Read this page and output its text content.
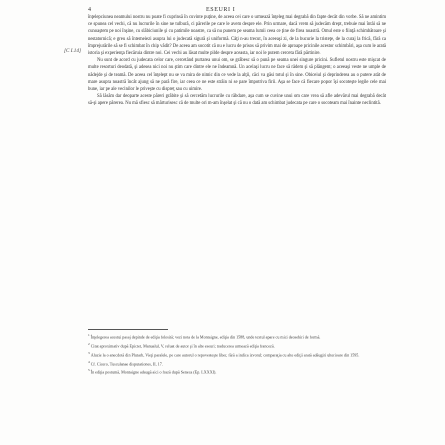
4	ESEURI I
[C I.14]

înţelepciunea neamului nostru nu poate fi cuprinsă în cuvinte puţine, de aceea cei care o urmează înţeleg mai degrabă din fapte decât din vorbe. Să ne amintim ce spunea cel vechi, că nu lucrurile în sine ne tulbură, ci părerile pe care le avem despre ele. Prin urmare, dacă vrem să judecăm drept, trebuie mai întâi să ne cunoaştem pe noi înşine, cu slăbiciunile şi cu patimile noastre, ca să nu punem pe seama lumii ceea ce ţine de firea noastră. Omul este o fiinţă schimbătoare şi nestatornică; e greu să întemeiezi asupra lui o judecată sigură şi uniformă. Câţi n-au trecut, în aceeaşi zi, de la bucurie la tristeţe, de la curaj la frică, fără ca împrejurările să se fi schimbat în chip vădit? De aceea am socotit că nu e lucru de prisos să privim mai de aproape pricinile acestor schimbări, aşa cum le arată istoria şi experienţa fiecăruia dintre noi. Cei vechi au lăsat multe pilde despre aceasta, iar noi le putem cerceta fără părtinire.

Nu sunt de acord cu judecata celor care, cercetând purtarea unui om, se grăbesc să o pună pe seama unei singure pricini. Sufletul nostru este mişcat de multe resorturi deodată, şi adesea nici noi nu ştim care dintre ele ne îndeamnă. Un acelaşi lucru ne face să râdem şi să plângem; o aceeaşi veste ne umple de nădejde şi de teamă. De aceea cel înţelept nu se va mira de nimic din ce vede la alţii, căci va găsi totul şi în sine. Obiceiul şi deprinderea au o putere atât de mare asupra noastră încât ajung să ne pară fire, iar ceea ce ne este străin ni se pare împotriva firii. Aşa se face că fiecare popor îşi socoteşte legile cele mai bune, iar pe ale vecinilor le priveşte cu dispreţ sau cu uimire.

Să lăsăm dar deoparte aceste păreri grăbite şi să cercetăm lucrurile cu răbdare, aşa cum se cuvine unui om care vrea să afle adevărul mai degrabă decât să-şi apere părerea. Nu mă sfiesc să mărturisesc că de multe ori m-am înşelat şi că nu o dată am schimbat judecata pe care o socoteam mai înainte neclintită.

$^1$Înţelegerea acestui pasaj depinde de ediţia folosită; vezi nota de la Montaigne, ediţia din 1588, unde textul apare cu mici deosebiri de formă.

$^2$Citat aproximativ după Epictet, Manualul, V, reluat de autor şi în alte eseuri; traducerea urmează ediţia franceză.

$^3$Aluzie la o anecdotă din Plutarh, Vieţi paralele, pe care autorul o repovesteşte liber, fără a indica izvorul; comparaţia cu alte ediţii arată adăugiri ulterioare din 1595.

$^4$Cf. Cicero, Tusculanae disputationes, II, 17.

$^5$În ediţia postumă, Montaigne adaugă aici o frază după Seneca (Ep. LXXXI).
